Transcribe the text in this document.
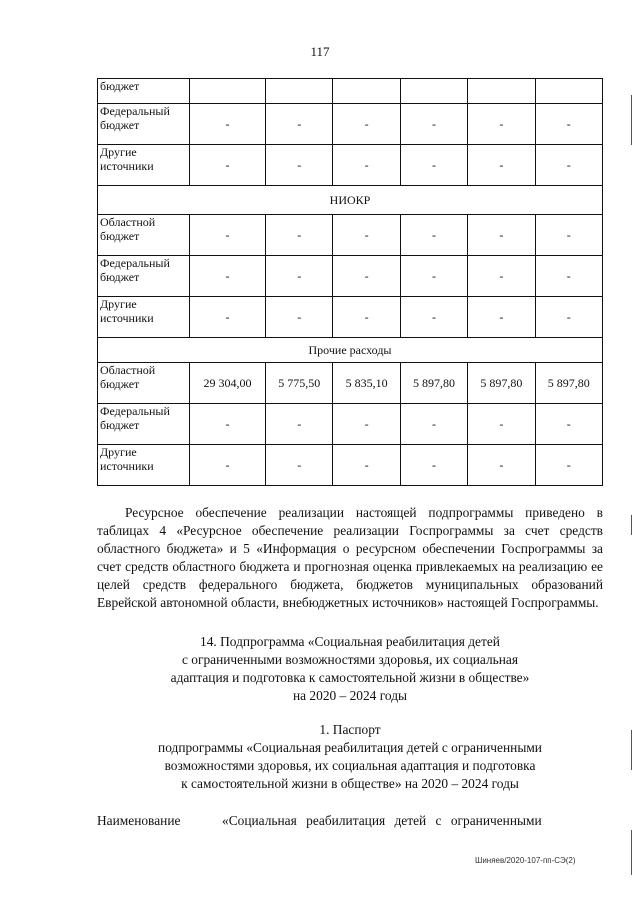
117
бюджет						
Федеральный бюджет	-	-	-	-	-	-
Другие источники	-	-	-	-	-	-
НИОКР						
Областной бюджет	-	-	-	-	-	-
Федеральный бюджет	-	-	-	-	-	-
Другие источники	-	-	-	-	-	-
Прочие расходы						
Областной бюджет	29 304,00	5 775,50	5 835,10	5 897,80	5 897,80	5 897,80
Федеральный бюджет	-	-	-	-	-	-
Другие источники	-	-	-	-	-	-

Ресурсное обеспечение реализации настоящей подпрограммы приведено в таблицах 4 «Ресурсное обеспечение реализации Госпрограммы за счет средств областного бюджета» и 5 «Информация о ресурсном обеспечении Госпрограммы за счет средств областного бюджета и прогнозная оценка привлекаемых на реализацию ее целей средств федерального бюджета, бюджетов муниципальных образований Еврейской автономной области, внебюджетных источников» настоящей Госпрограммы.

14. Подпрограмма «Социальная реабилитация детей
с ограниченными возможностями здоровья, их социальная
адаптация и подготовка к самостоятельной жизни в обществе»
на 2020 – 2024 годы
1. Паспорт
подпрограммы «Социальная реабилитация детей с ограниченными
возможностями здоровья, их социальная адаптация и подготовка
к самостоятельной жизни в обществе» на 2020 – 2024 годы
Наименование	«Социальная реабилитация детей с ограниченными
Шиняев/2020-107-пп-СЭ(2)
